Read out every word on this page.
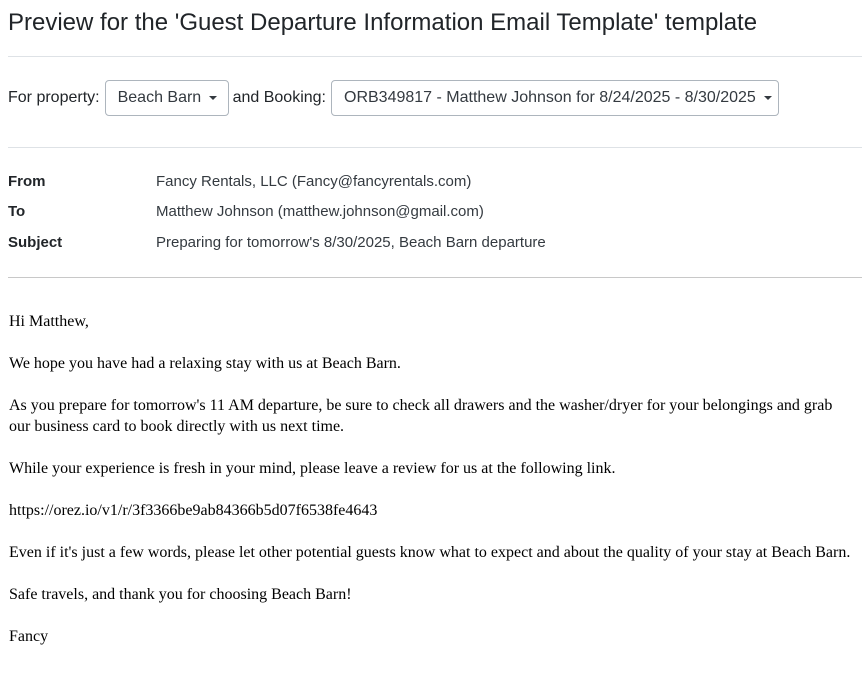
Preview for the 'Guest Departure Information Email Template' template
For property: Beach Barn and Booking: ORB349817 - Matthew Johnson for 8/24/2025 - 8/30/2025
From	Fancy Rentals, LLC (Fancy@fancyrentals.com)
To	Matthew Johnson (matthew.johnson@gmail.com)
Subject	Preparing for tomorrow's 8/30/2025, Beach Barn departure

Hi Matthew,

We hope you have had a relaxing stay with us at Beach Barn.

As you prepare for tomorrow's 11 AM departure, be sure to check all drawers and the washer/dryer for your belongings and grab our business card to book directly with us next time.

While your experience is fresh in your mind, please leave a review for us at the following link.

https://orez.io/v1/r/3f3366be9ab84366b5d07f6538fe4643

Even if it's just a few words, please let other potential guests know what to expect and about the quality of your stay at Beach Barn.

Safe travels, and thank you for choosing Beach Barn!

Fancy
